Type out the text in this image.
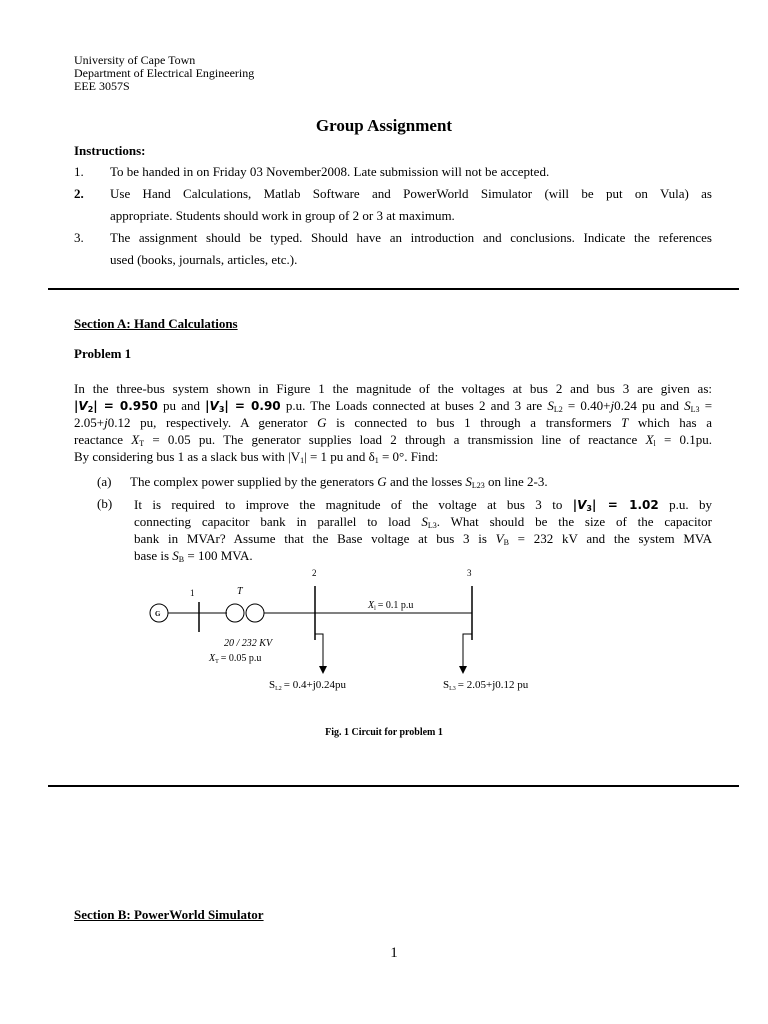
University of Cape Town
Department of Electrical Engineering
EEE 3057S
Group Assignment
Instructions:
1. To be handed in on Friday 03 November2008. Late submission will not be accepted.
2. Use Hand Calculations, Matlab Software and PowerWorld Simulator (will be put on Vula) as
appropriate. Students should work in group of 2 or 3 at maximum.
3. The assignment should be typed. Should have an introduction and conclusions. Indicate the references
used (books, journals, articles, etc.).
Section A: Hand Calculations
Problem 1
In the three-bus system shown in Figure 1 the magnitude of the voltages at bus 2 and bus 3 are given as:
$|V_2| = 0.950$ pu and $|V_3| = 0.90$ p.u. The Loads connected at buses 2 and 3 are $S_{L2} = 0.40+j0.24$ pu and $S_{L3}$ =
2.05+j0.12 pu, respectively. A generator G is connected to bus 1 through a transformers T which has a
reactance $X_T = 0.05$ pu. The generator supplies load 2 through a transmission line of reactance $X_l = 0.1pu$.
By considering bus 1 as a slack bus with $|V_1| = 1$ pu and $\delta_1 = 0^\circ$. Find:
(a) The complex power supplied by the generators G and the losses $S_{L23}$ on line 2-3.
(b) It is required to improve the magnitude of the voltage at bus 3 to $|V_3| = 1.02$ p.u. by
connecting capacitor bank in parallel to load $S_{L3}$. What should be the size of the capacitor
bank in MVAr? Assume that the Base voltage at bus 3 is $V_B = 232$ kV and the system MVA
base is $S_B = 100$ MVA.
2	3
1	T
G
$X_l = 0.1$ p.u
20 / 232 KV
$X_T = 0.05$ p.u
SL2 = 0.4+j0.24pu	SL3 = 2.05+j0.12 pu
Fig. 1 Circuit for problem 1
Section B: PowerWorld Simulator
1
